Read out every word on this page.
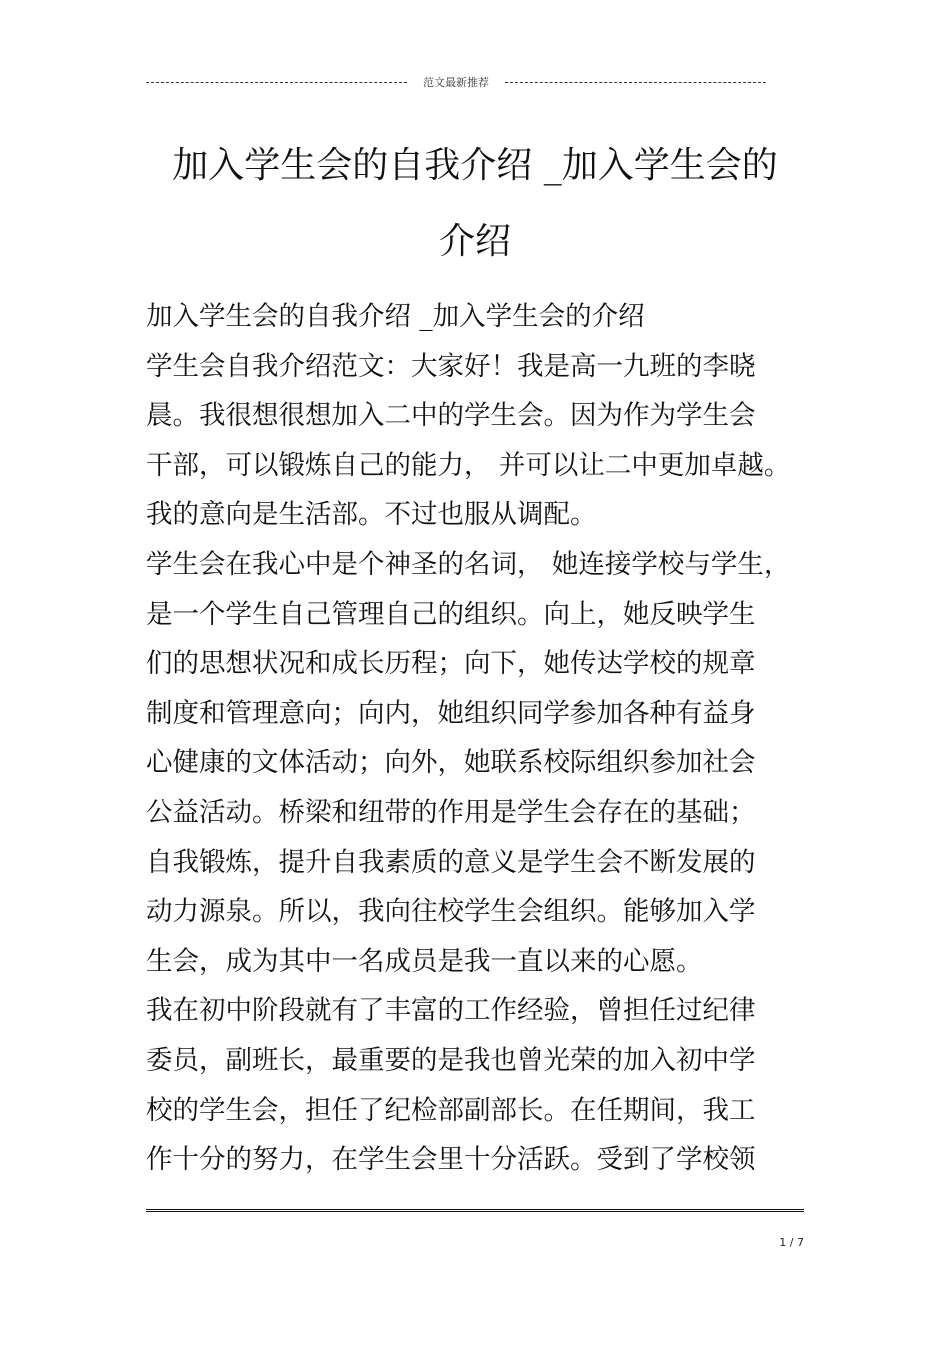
范文最新推荐
加入学生会的自我介绍 _加入学生会的
介绍
加入学生会的自我介绍 _加入学生会的介绍
学生会自我介绍范文：大家好！我是高一九班的李晓
晨。我很想很想加入二中的学生会。因为作为学生会
干部，可以锻炼自己的能力， 并可以让二中更加卓越。
我的意向是生活部。不过也服从调配。
学生会在我心中是个神圣的名词， 她连接学校与学生，
是一个学生自己管理自己的组织。向上，她反映学生
们的思想状况和成长历程；向下，她传达学校的规章
制度和管理意向；向内，她组织同学参加各种有益身
心健康的文体活动；向外，她联系校际组织参加社会
公益活动。桥梁和纽带的作用是学生会存在的基础；
自我锻炼，提升自我素质的意义是学生会不断发展的
动力源泉。所以，我向往校学生会组织。能够加入学
生会，成为其中一名成员是我一直以来的心愿。
我在初中阶段就有了丰富的工作经验，曾担任过纪律
委员，副班长，最重要的是我也曾光荣的加入初中学
校的学生会，担任了纪检部副部长。在任期间，我工
作十分的努力，在学生会里十分活跃。受到了学校领
1 / 7
